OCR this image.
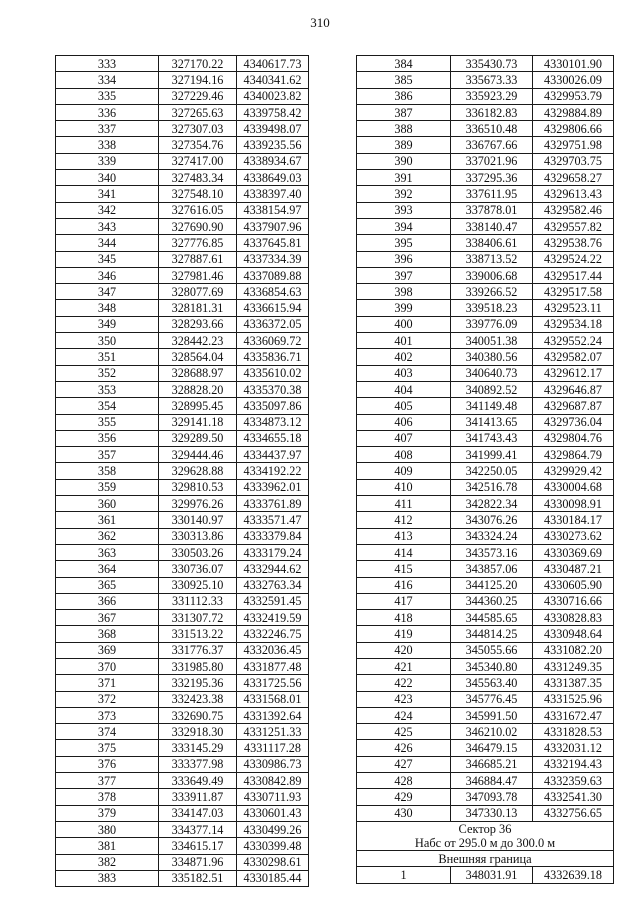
310
333	327170.22	4340617.73
334	327194.16	4340341.62
335	327229.46	4340023.82
336	327265.63	4339758.42
337	327307.03	4339498.07
338	327354.76	4339235.56
339	327417.00	4338934.67
340	327483.34	4338649.03
341	327548.10	4338397.40
342	327616.05	4338154.97
343	327690.90	4337907.96
344	327776.85	4337645.81
345	327887.61	4337334.39
346	327981.46	4337089.88
347	328077.69	4336854.63
348	328181.31	4336615.94
349	328293.66	4336372.05
350	328442.23	4336069.72
351	328564.04	4335836.71
352	328688.97	4335610.02
353	328828.20	4335370.38
354	328995.45	4335097.86
355	329141.18	4334873.12
356	329289.50	4334655.18
357	329444.46	4334437.97
358	329628.88	4334192.22
359	329810.53	4333962.01
360	329976.26	4333761.89
361	330140.97	4333571.47
362	330313.86	4333379.84
363	330503.26	4333179.24
364	330736.07	4332944.62
365	330925.10	4332763.34
366	331112.33	4332591.45
367	331307.72	4332419.59
368	331513.22	4332246.75
369	331776.37	4332036.45
370	331985.80	4331877.48
371	332195.36	4331725.56
372	332423.38	4331568.01
373	332690.75	4331392.64
374	332918.30	4331251.33
375	333145.29	4331117.28
376	333377.98	4330986.73
377	333649.49	4330842.89
378	333911.87	4330711.93
379	334147.03	4330601.43
380	334377.14	4330499.26
381	334615.17	4330399.48
382	334871.96	4330298.61
383	335182.51	4330185.44
384	335430.73	4330101.90
385	335673.33	4330026.09
386	335923.29	4329953.79
387	336182.83	4329884.89
388	336510.48	4329806.66
389	336767.66	4329751.98
390	337021.96	4329703.75
391	337295.36	4329658.27
392	337611.95	4329613.43
393	337878.01	4329582.46
394	338140.47	4329557.82
395	338406.61	4329538.76
396	338713.52	4329524.22
397	339006.68	4329517.44
398	339266.52	4329517.58
399	339518.23	4329523.11
400	339776.09	4329534.18
401	340051.38	4329552.24
402	340380.56	4329582.07
403	340640.73	4329612.17
404	340892.52	4329646.87
405	341149.48	4329687.87
406	341413.65	4329736.04
407	341743.43	4329804.76
408	341999.41	4329864.79
409	342250.05	4329929.42
410	342516.78	4330004.68
411	342822.34	4330098.91
412	343076.26	4330184.17
413	343324.24	4330273.62
414	343573.16	4330369.69
415	343857.06	4330487.21
416	344125.20	4330605.90
417	344360.25	4330716.66
418	344585.65	4330828.83
419	344814.25	4330948.64
420	345055.66	4331082.20
421	345340.80	4331249.35
422	345563.40	4331387.35
423	345776.45	4331525.96
424	345991.50	4331672.47
425	346210.02	4331828.53
426	346479.15	4332031.12
427	346685.21	4332194.43
428	346884.47	4332359.63
429	347093.78	4332541.30
430	347330.13	4332756.65

Сектор 36
Набс от 295.0 м до 300.0 м		

Внешняя граница		
1	348031.91	4332639.18
